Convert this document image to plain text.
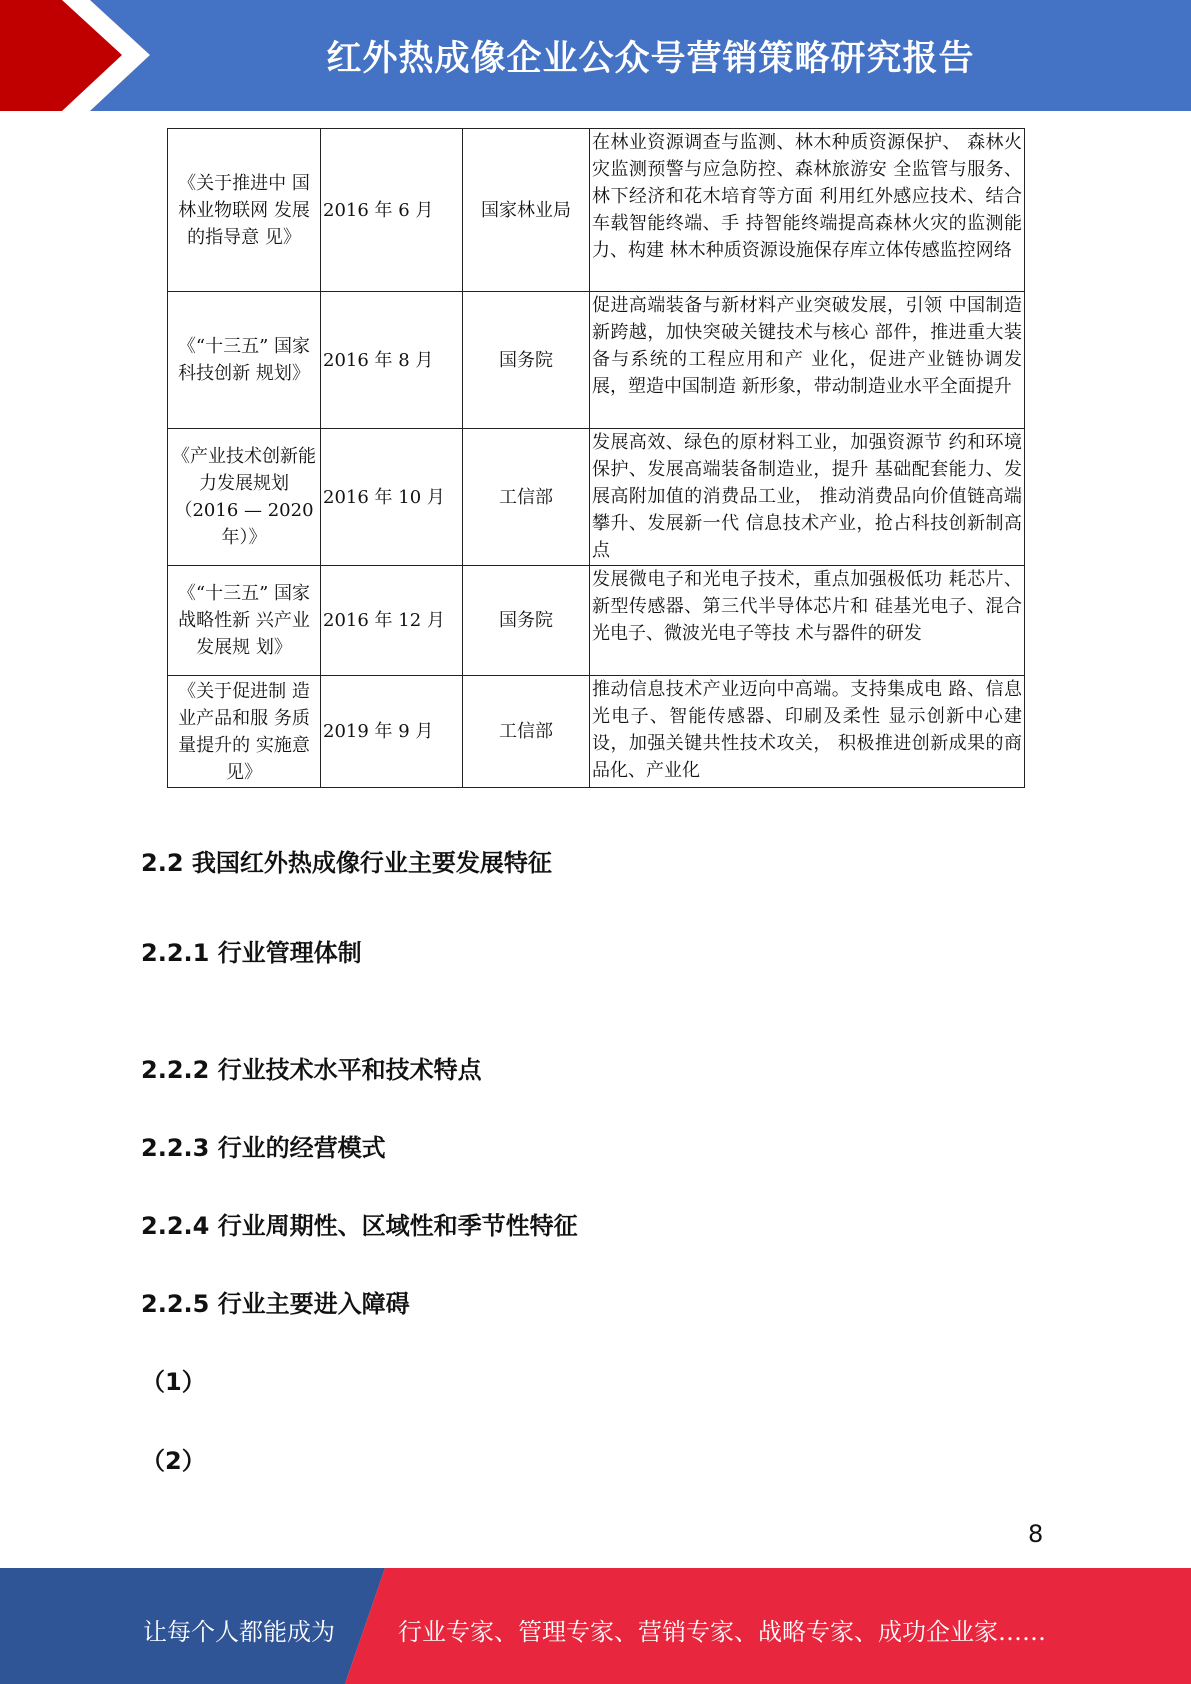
红外热成像企业公众号营销策略研究报告
《关于推进中 国林业物联网 发展的指导意 见》	2016 年 6 月	国家林业局	在林业资源调查与监测、林木种质资源保护、 森林火灾监测预警与应急防控、森林旅游安 全监管与服务、林下经济和花木培育等方面 利用红外感应技术、结合车载智能终端、手 持智能终端提高森林火灾的监测能力、构建 林木种质资源设施保存库立体传感监控网络
《“十三五” 国家科技创新 规划》	2016 年 8 月	国务院	促进高端装备与新材料产业突破发展，引领 中国制造新跨越，加快突破关键技术与核心 部件，推进重大装备与系统的工程应用和产 业化，促进产业链协调发展，塑造中国制造 新形象，带动制造业水平全面提升
《产业技术创新能力发展规划（2016 — 2020 年）》	2016 年 10 月	工信部	发展高效、绿色的原材料工业，加强资源节 约和环境保护、发展高端装备制造业，提升 基础配套能力、发展高附加值的消费品工业， 推动消费品向价值链高端攀升、发展新一代 信息技术产业，抢占科技创新制高点
《“十三五” 国家战略性新 兴产业发展规 划》	2016 年 12 月	国务院	发展微电子和光电子技术，重点加强极低功 耗芯片、新型传感器、第三代半导体芯片和 硅基光电子、混合光电子、微波光电子等技 术与器件的研发
《关于促进制 造业产品和服 务质量提升的 实施意见》	2019 年 9 月	工信部	推动信息技术产业迈向中高端。支持集成电 路、信息光电子、智能传感器、印刷及柔性 显示创新中心建设，加强关键共性技术攻关， 积极推进创新成果的商品化、产业化
2.2 我国红外热成像行业主要发展特征
2.2.1 行业管理体制
2.2.2 行业技术水平和技术特点
2.2.3 行业的经营模式
2.2.4 行业周期性、区域性和季节性特征
2.2.5 行业主要进入障碍
（1）
（2）
8
让每个人都能成为	行业专家、管理专家、营销专家、战略专家、成功企业家……
